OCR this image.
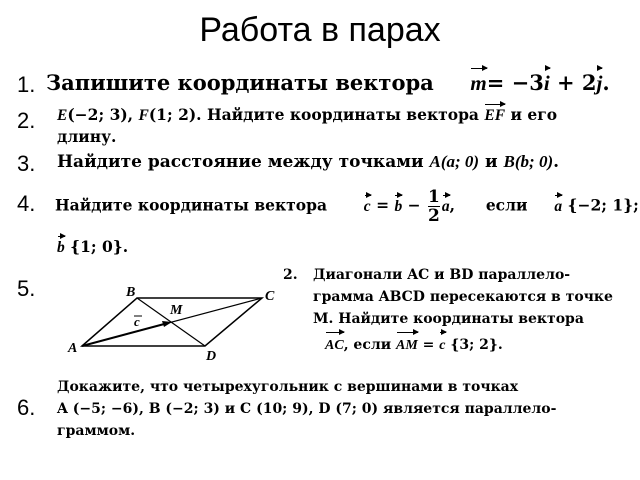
Работа в парах
1.
2.
3.
4.
5.
6.
Запишите координаты вектора m= −3i + 2j.
E(−2; 3), F(1; 2). Найдите координаты вектора EF и его
длину.
Найдите расстояние между точками A(a; 0) и B(b; 0).
Найдите координаты вектора $c = b - \frac{1}{2} a$, если a {−2; 1};
b {1; 0}.
A
B	C
D
M
c
2.	Диагонали AC и BD параллело-
грамма ABCD пересекаются в точке
M. Найдите координаты вектора
AC, если AM = c {3; 2}.
Докажите, что четырехугольник с вершинами в точках
A (−5; −6), B (−2; 3) и C (10; 9), D (7; 0) является параллело-
граммом.
